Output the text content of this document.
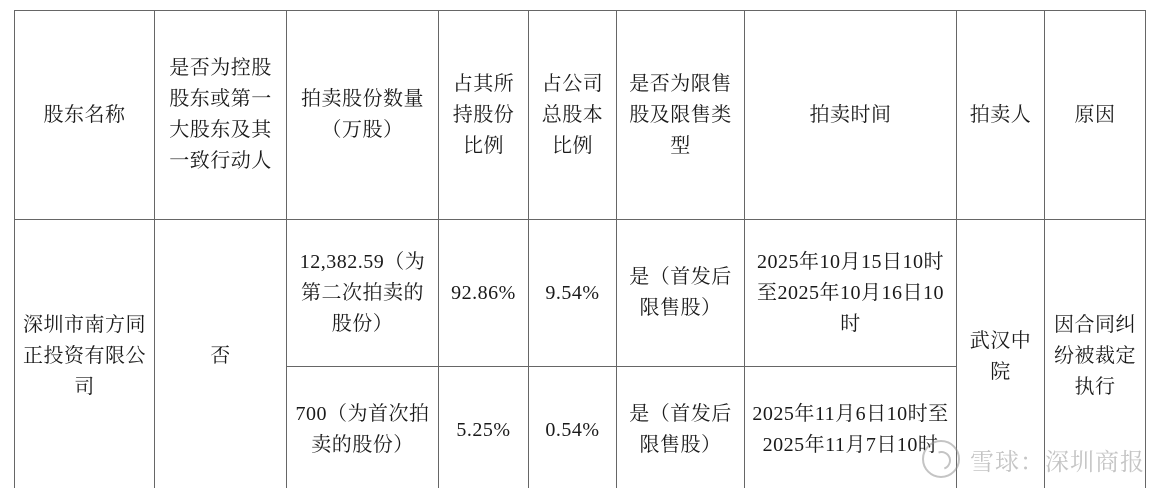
股东名称	是否为控股股东或第一大股东及其一致行动人	拍卖股份数量（万股）	占其所持股份比例	占公司总股本比例	是否为限售股及限售类型	拍卖时间	拍卖人	原因
深圳市南方同正投资有限公司	否	12,382.59（为第二次拍卖的股份）	92.86%	9.54%	是（首发后限售股）	2025年10月15日10时至2025年10月16日10时	武汉中院	因合同纠纷被裁定执行
		700（为首次拍卖的股份）	5.25%	0.54%	是（首发后限售股）	2025年11月6日10时至2025年11月7日10时		
雪球：深圳商报
